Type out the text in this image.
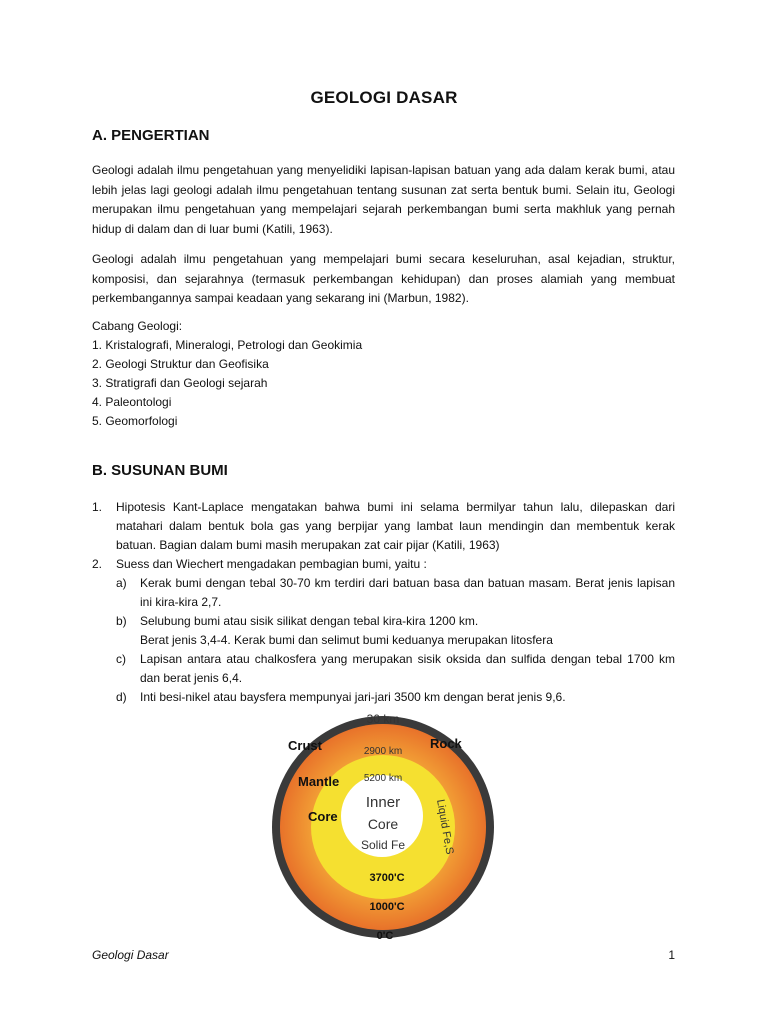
GEOLOGI DASAR
A. PENGERTIAN

Geologi adalah ilmu pengetahuan yang menyelidiki lapisan-lapisan batuan yang ada dalam kerak bumi, atau lebih jelas lagi geologi adalah ilmu pengetahuan tentang susunan zat serta bentuk bumi. Selain itu, Geologi merupakan ilmu pengetahuan yang mempelajari sejarah perkembangan bumi serta makhluk yang pernah hidup di dalam dan di luar bumi (Katili, 1963).

Geologi adalah ilmu pengetahuan yang mempelajari bumi secara keseluruhan, asal kejadian, struktur, komposisi, dan sejarahnya (termasuk perkembangan kehidupan) dan proses alamiah yang membuat perkembangannya sampai keadaan yang sekarang ini (Marbun, 1982).

Cabang Geologi:
1. Kristalografi, Mineralogi, Petrologi dan Geokimia
2. Geologi Struktur dan Geofisika
3. Stratigrafi dan Geologi sejarah
4. Paleontologi
5. Geomorfologi
B. SUSUNAN BUMI
1. Hipotesis Kant-Laplace mengatakan bahwa bumi ini selama bermilyar tahun lalu, dilepaskan dari matahari dalam bentuk bola gas yang berpijar yang lambat laun mendingin dan membentuk kerak batuan. Bagian dalam bumi masih merupakan zat cair pijar (Katili, 1963)
2. Suess dan Wiechert mengadakan pembagian bumi, yaitu :
a) Kerak bumi dengan tebal 30-70 km terdiri dari batuan basa dan batuan masam. Berat jenis lapisan ini kira-kira 2,7.
b) Selubung bumi atau sisik silikat dengan tebal kira-kira 1200 km.
Berat jenis 3,4-4. Kerak bumi dan selimut bumi keduanya merupakan litosfera
c) Lapisan antara atau chalkosfera yang merupakan sisik oksida dan sulfida dengan tebal 1700 km dan berat jenis 6,4.
d) Inti besi-nikel atau baysfera mempunyai jari-jari 3500 km dengan berat jenis 9,6.
30 km
Crust	Rock
2900 km
Mantle 5200 km
Inner
Core Core
Solid Fe	Liquid Fe,S
3700'C
1000'C
0'C
Geologi Dasar	1
